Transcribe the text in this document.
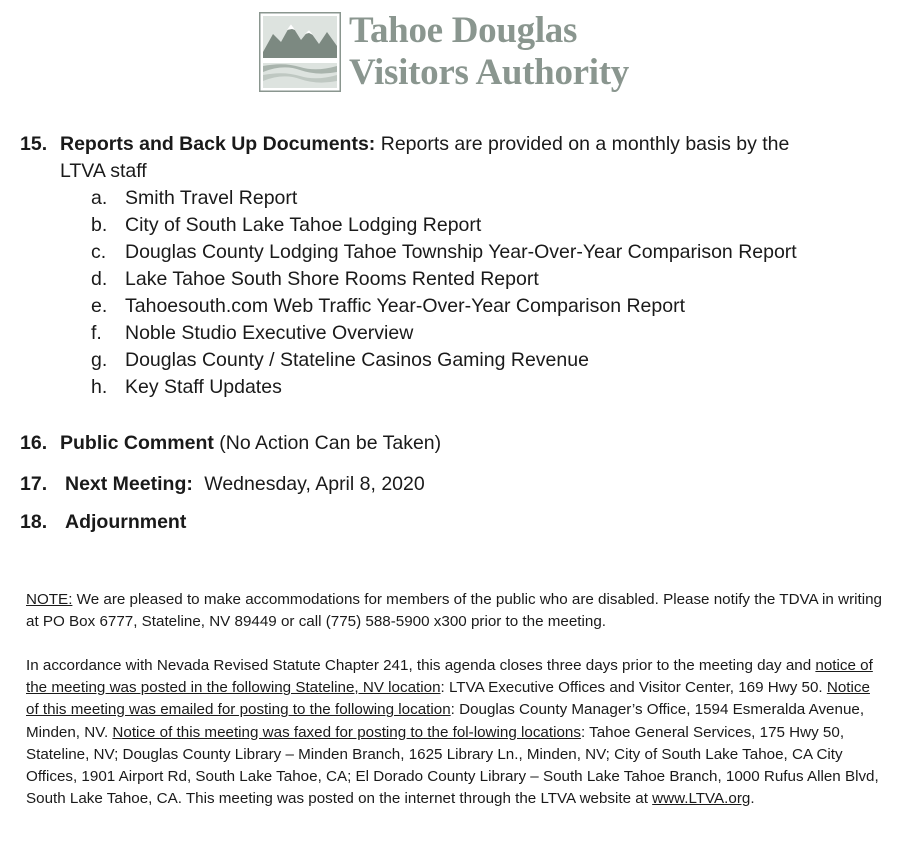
Tahoe Douglas
Visitors Authority
15. Reports and Back Up Documents: Reports are provided on a monthly basis by the
LTVA staff
a. Smith Travel Report
b. City of South Lake Tahoe Lodging Report
c. Douglas County Lodging Tahoe Township Year-Over-Year Comparison Report
d. Lake Tahoe South Shore Rooms Rented Report
e. Tahoesouth.com Web Traffic Year-Over-Year Comparison Report
f. Noble Studio Executive Overview
g. Douglas County / Stateline Casinos Gaming Revenue
h. Key Staff Updates
16. Public Comment (No Action Can be Taken)
17. Next Meeting: Wednesday, April 8, 2020
18. Adjournment

NOTE: We are pleased to make accommodations for members of the public who are disabled. Please notify the TDVA in writing at PO Box 6777, Stateline, NV 89449 or call (775) 588-5900 x300 prior to the meeting.

In accordance with Nevada Revised Statute Chapter 241, this agenda closes three days prior to the meeting day and notice of the meeting was posted in the following Stateline, NV location: LTVA Executive Offices and Visitor Center, 169 Hwy 50. Notice of this meeting was emailed for posting to the following location: Douglas County Manager’s Office, 1594 Esmeralda Avenue, Minden, NV. Notice of this meeting was faxed for posting to the fol-lowing locations: Tahoe General Services, 175 Hwy 50, Stateline, NV; Douglas County Library – Minden Branch, 1625 Library Ln., Minden, NV; City of South Lake Tahoe, CA City Offices, 1901 Airport Rd, South Lake Tahoe, CA; El Dorado County Library – South Lake Tahoe Branch, 1000 Rufus Allen Blvd, South Lake Tahoe, CA. This meeting was posted on the internet through the LTVA website at www.LTVA.org.
